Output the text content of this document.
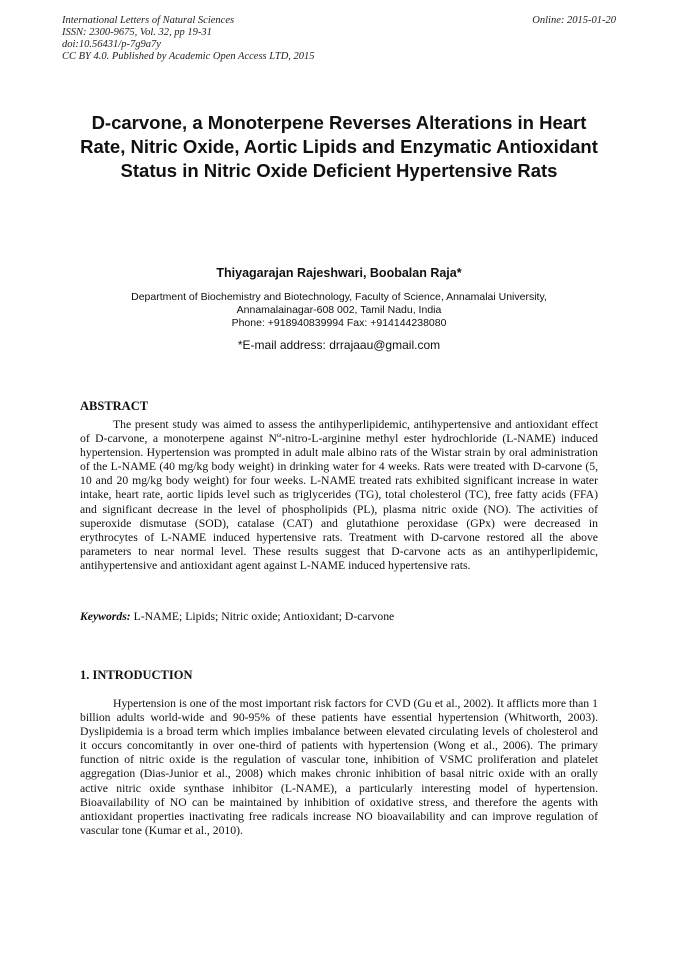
International Letters of Natural Sciences
ISSN: 2300-9675, Vol. 32, pp 19-31
doi:10.56431/p-7g9a7y
CC BY 4.0. Published by Academic Open Access LTD, 2015
Online: 2015-01-20
D-carvone, a Monoterpene Reverses Alterations in Heart Rate, Nitric Oxide, Aortic Lipids and Enzymatic Antioxidant Status in Nitric Oxide Deficient Hypertensive Rats
Thiyagarajan Rajeshwari, Boobalan Raja*
Department of Biochemistry and Biotechnology, Faculty of Science, Annamalai University,
Annamalainagar-608 002, Tamil Nadu, India
Phone: +918940839994 Fax: +914144238080
*E-mail address: drrajaau@gmail.com
ABSTRACT

The present study was aimed to assess the antihyperlipidemic, antihypertensive and antioxidant effect of D-carvone, a monoterpene against $N^\omega-nitro-L$-arginine methyl ester hydrochloride (L-NAME) induced hypertension. Hypertension was prompted in adult male albino rats of the Wistar strain by oral administration of the L-NAME (40 mg/kg body weight) in drinking water for 4 weeks. Rats were treated with D-carvone (5, 10 and 20 mg/kg body weight) for four weeks. L-NAME treated rats exhibited significant increase in water intake, heart rate, aortic lipids level such as triglycerides (TG), total cholesterol (TC), free fatty acids (FFA) and significant decrease in the level of phospholipids (PL), plasma nitric oxide (NO). The activities of superoxide dismutase (SOD), catalase (CAT) and glutathione peroxidase (GPx) were decreased in erythrocytes of L-NAME induced hypertensive rats. Treatment with D-carvone restored all the above parameters to near normal level. These results suggest that D-carvone acts as an antihyperlipidemic, antihypertensive and antioxidant agent against L-NAME induced hypertensive rats.

Keywords: L-NAME; Lipids; Nitric oxide; Antioxidant; D-carvone
1. INTRODUCTION

Hypertension is one of the most important risk factors for CVD (Gu et al., 2002). It afflicts more than 1 billion adults world-wide and 90-95% of these patients have essential hypertension (Whitworth, 2003). Dyslipidemia is a broad term which implies imbalance between elevated circulating levels of cholesterol and it occurs concomitantly in over one-third of patients with hypertension (Wong et al., 2006). The primary function of nitric oxide is the regulation of vascular tone, inhibition of VSMC proliferation and platelet aggregation (Dias-Junior et al., 2008) which makes chronic inhibition of basal nitric oxide with an orally active nitric oxide synthase inhibitor (L-NAME), a particularly interesting model of hypertension. Bioavailability of NO can be maintained by inhibition of oxidative stress, and therefore the agents with antioxidant properties inactivating free radicals increase NO bioavailability and can improve regulation of vascular tone (Kumar et al., 2010).
